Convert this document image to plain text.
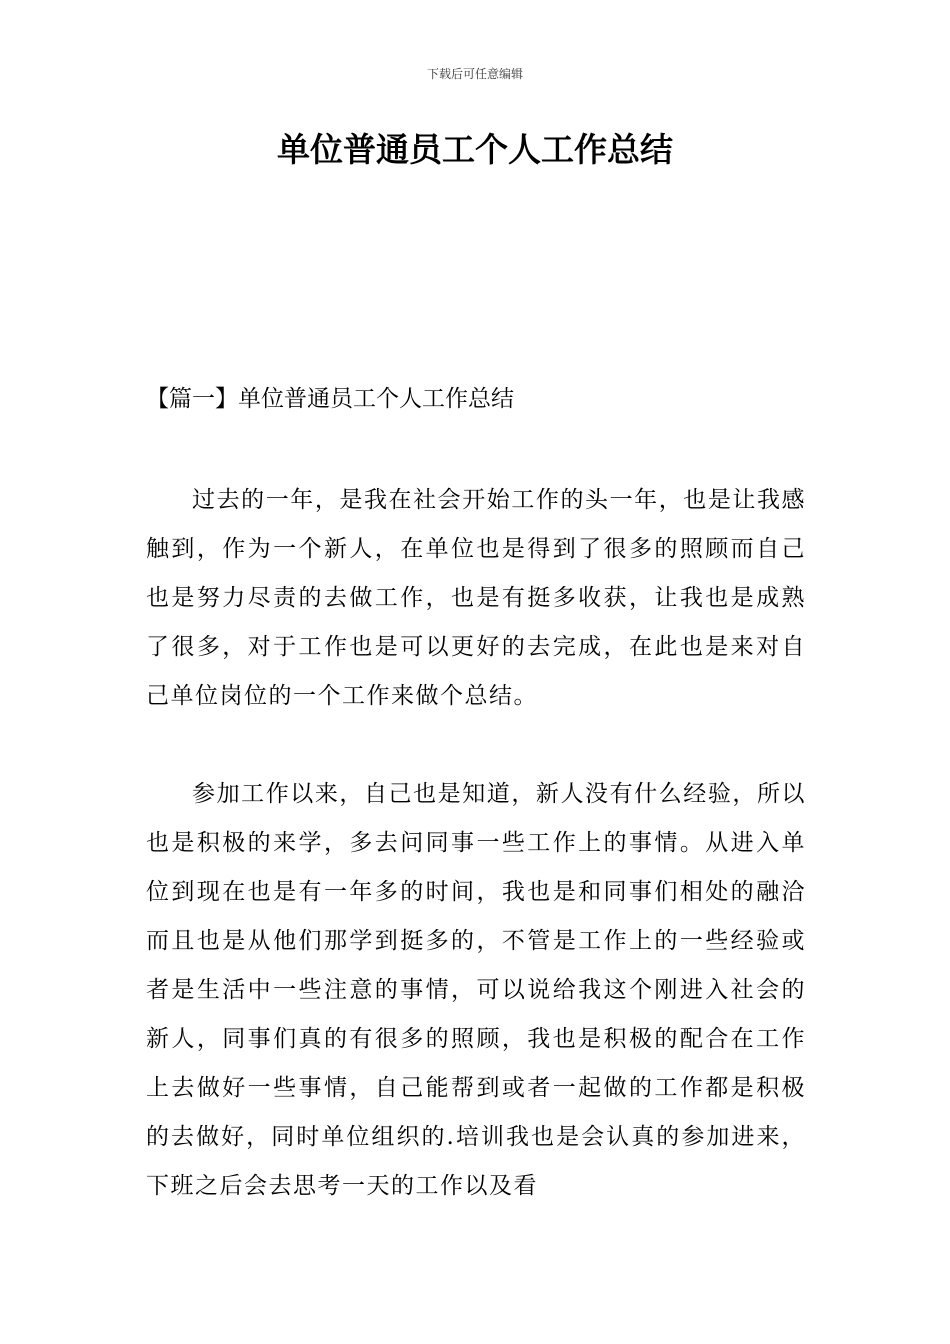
下载后可任意编辑
单位普通员工个人工作总结
【篇一】单位普通员工个人工作总结

过去的一年，是我在社会开始工作的头一年，也是让我感触到，作为一个新人，在单位也是得到了很多的照顾而自己也是努力尽责的去做工作，也是有挺多收获，让我也是成熟了很多，对于工作也是可以更好的去完成，在此也是来对自己单位岗位的一个工作来做个总结。

参加工作以来，自己也是知道，新人没有什么经验，所以也是积极的来学，多去问同事一些工作上的事情。从进入单位到现在也是有一年多的时间，我也是和同事们相处的融洽而且也是从他们那学到挺多的，不管是工作上的一些经验或者是生活中一些注意的事情，可以说给我这个刚进入社会的新人，同事们真的有很多的照顾，我也是积极的配合在工作上去做好一些事情，自己能帮到或者一起做的工作都是积极的去做好，同时单位组织的.培训我也是会认真的参加进来，下班之后会去思考一天的工作以及看
